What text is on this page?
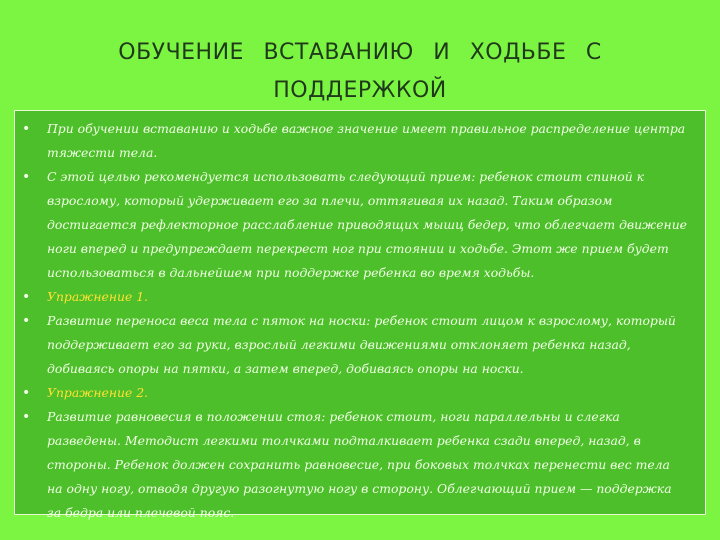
ОБУЧЕНИЕ ВСТАВАНИЮ И ХОДЬБЕ С
ПОДДЕРЖКОЙ
• При обучении вставанию и ходьбе важное значение имеет правильное распределение центра тяжести тела.
• С этой целью рекомендуется использовать следующий прием: ребенок стоит спиной к взрослому, который удерживает его за плечи, оттягивая их назад. Таким образом достигается рефлекторное расслабление приводящих мышц бедер, что облегчает движение ноги вперед и предупреждает перекрест ног при стоянии и ходьбе. Этот же прием будет использоваться в дальнейшем при поддержке ребенка во время ходьбы.
• Упражнение 1.
• Развитие переноса веса тела с пяток на носки: ребенок стоит лицом к взрослому, который поддерживает его за руки, взрослый легкими движениями отклоняет ребенка назад, добиваясь опоры на пятки, а затем вперед, добиваясь опоры на носки.
• Упражнение 2.
• Развитие равновесия в положении стоя: ребенок стоит, ноги параллельны и слегка разведены. Методист легкими толчками подталкивает ребенка сзади вперед, назад, в стороны. Ребенок должен сохранить равновесие, при боковых толчках перенести вес тела на одну ногу, отводя другую разогнутую ногу в сторону. Облегчающий прием — поддержка за бедра или плечевой пояс.
